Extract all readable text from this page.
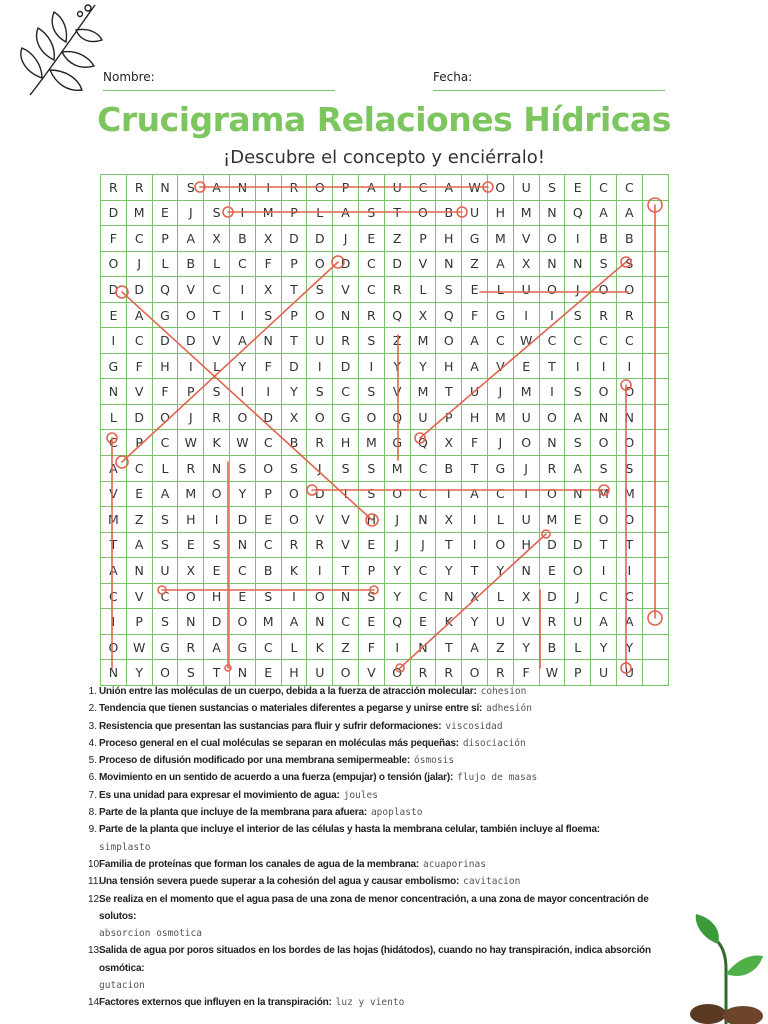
Nombre:	Fecha:
Crucigrama Relaciones Hídricas
¡Descubre el concepto y enciérralo!
R	R	N	S	A	N	I	R	O	P	A	U	C	A	W	O	U	S	E	C	C
D	M	E	J	S	I	M	P	L	A	S	T	O	B	U	H	M	N	Q	A	A
F	C	P	A	X	B	X	D	D	J	E	Z	P	H	G	M	V	O	I	B	B
O	J	L	B	L	C	F	P	O	D	C	D	V	N	Z	A	X	N	N	S	S
D	D	Q	V	C	I	X	T	S	V	C	R	L	S	E	L	U	O	J	O	O
E	A	G	O	T	I	S	P	O	N	R	Q	X	Q	F	G	I	I	S	R	R
I	C	D	D	V	A	N	T	U	R	S	Z	M	O	A	C	W	C	C	C	C
G	F	H	I	L	Y	F	D	I	D	I	Y	Y	H	A	V	E	T	I	I	I
N	V	F	P	S	I	I	Y	S	C	S	V	M	T	U	J	M	I	S	O	O
L	D	O	J	R	O	D	X	O	G	O	Q	U	P	H	M	U	O	A	N	N
C	P	C	W	K	W	C	B	R	H	M	G	Q	X	F	J	O	N	S	O	O
A	C	L	R	N	S	O	S	J	S	S	M	C	B	T	G	J	R	A	S	S
V	E	A	M	O	Y	P	O	D	I	S	O	C	I	A	C	I	O	N	M	M
M	Z	S	H	I	D	E	O	V	V	H	J	N	X	I	L	U	M	E	O	O
T	A	S	E	S	N	C	R	R	V	E	J	J	T	I	O	H	D	D	T	T
A	N	U	X	E	C	B	K	I	T	P	Y	C	Y	T	Y	N	E	O	I	I
C	V	C	O	H	E	S	I	O	N	S	Y	C	N	X	L	X	D	J	C	C
I	P	S	N	D	O	M	A	N	C	E	Q	E	K	Y	U	V	R	U	A	A
O	W	G	R	A	G	C	L	K	Z	F	I	N	T	A	Z	Y	B	L	Y	Y
N	Y	O	S	T	N	E	H	U	O	V	O	R	R	O	R	F	W	P	U	U
1. Unión entre las moléculas de un cuerpo, debida a la fuerza de atracción molecular: cohesion
2. Tendencia que tienen sustancias o materiales diferentes a pegarse y unirse entre sí: adhesión
3. Resistencia que presentan las sustancias para fluir y sufrir deformaciones: viscosidad
4. Proceso general en el cual moléculas se separan en moléculas más pequeñas: disociación
5. Proceso de difusión modificado por una membrana semipermeable: ósmosis
6. Movimiento en un sentido de acuerdo a una fuerza (empujar) o tensión (jalar): flujo de masas
7. Es una unidad para expresar el movimiento de agua: joules
8. Parte de la planta que incluye de la membrana para afuera: apoplasto
9. Parte de la planta que incluye el interior de las células y hasta la membrana celular, también incluye al floema:
simplasto
10.
Familia de proteínas que forman los canales de agua de la membrana: acuaporinas
11.
Una tensión severa puede superar a la cohesión del agua y causar embolismo: cavitacion
12.
Se realiza en el momento que el agua pasa de una zona de menor concentración, a una zona de mayor concentración de solutos:
absorcion osmotica
13.
Salida de agua por poros situados en los bordes de las hojas (hidátodos), cuando no hay transpiración, indica absorción osmótica:
gutacion
14.
Factores externos que influyen en la transpiración: luz y viento
